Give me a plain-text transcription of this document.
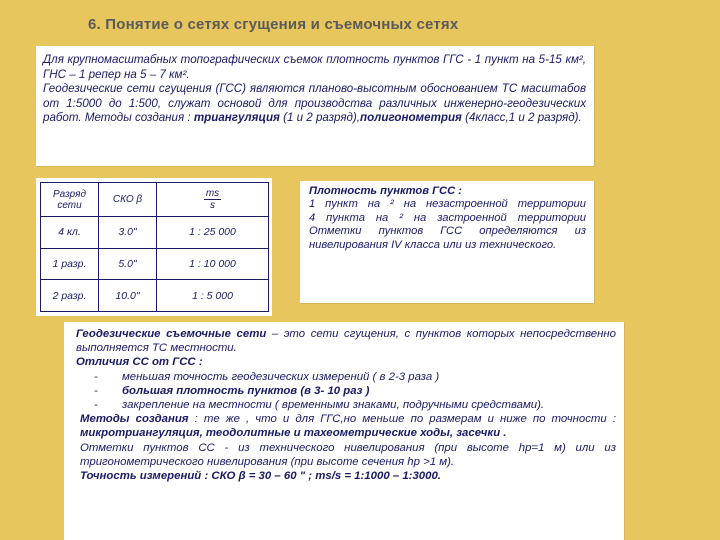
6. Понятие о сетях сгущения и съемочных сетях

Для крупномасштабных топографических съемок плотность пунктов ГГС - 1 пункт на 5-15 км², ГНС – 1 репер на 5 – 7 км².

Геодезические сети сгущения (ГСС) являются планово-высотным обоснованием ТС масштабов от 1:5000 до 1:500, служат основой для производства различных инженерно-геодезических работ. Методы создания : триангуляция (1 и 2 разряд),полигонометрия (4класс,1 и 2 разряд).

Разряд сети	СКО β	$\frac{ms}{s}$
4 кл.	3.0"	1 : 25 000
1 разр.	5.0"	1 : 10 000
2 разр.	10.0"	1 : 5 000

Плотность пунктов ГСС :

1 пункт на ² на незастроенной территории

4 пункта на ² на застроенной территории

Отметки пунктов ГСС определяются из нивелирования IV класса или из технического.

Геодезические съемочные сети – это сети сгущения, с пунктов которых непосредственно выполняется ТС местности.

Отличия СС от ГСС :

-	меньшая точность геодезических измерений ( в 2-3 раза )
-	большая плотность пунктов (в 3- 10 раз )
-	закрепление на местности ( временными знаками, подручными средствами).

Методы создания : те же , что и для ГГС,но меньше по размерам и ниже по точности : микротриангуляция, теодолитные и тахеометрические ходы, засечки .

Отметки пунктов СС - из технического нивелирования (при высоте hр=1 м) или из тригонометрического нивелирования (при высоте сечения hр >1 м).

Точность измерений : СКО β = 30 – 60 " ; ms/s = 1:1000 – 1:3000.
